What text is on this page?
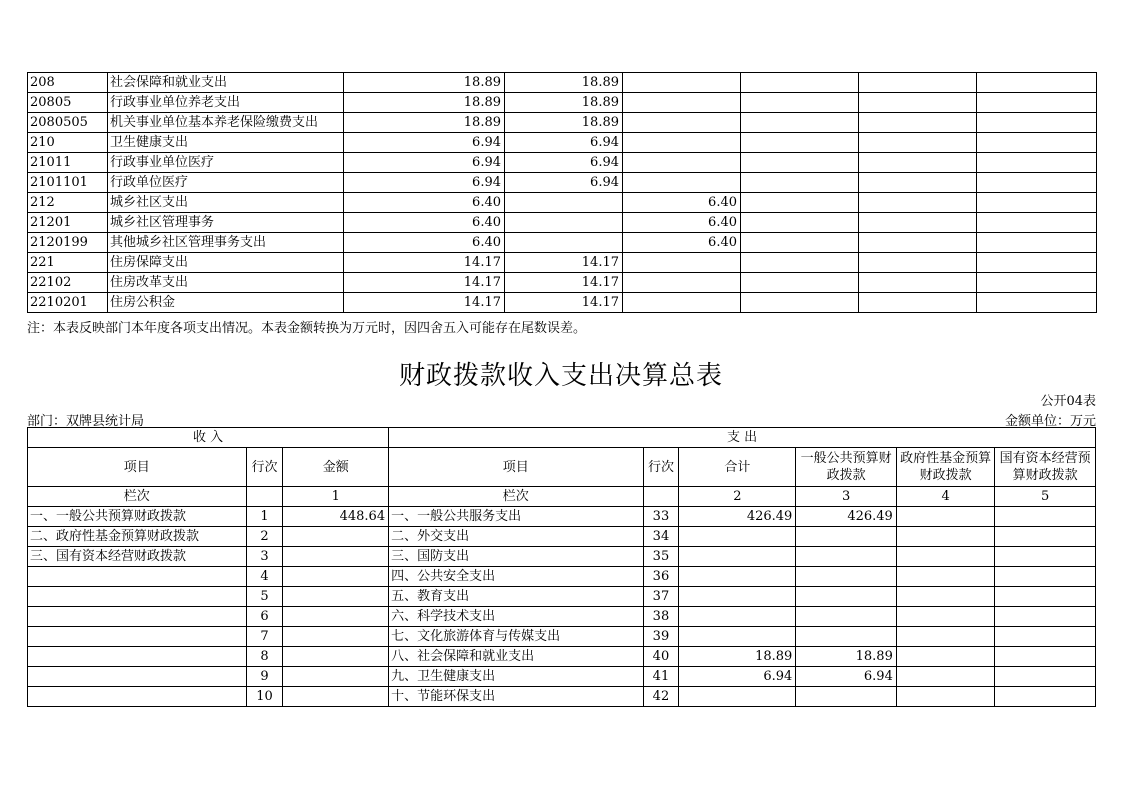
208	社会保障和就业支出	18.89	18.89				
20805	行政事业单位养老支出	18.89	18.89				
2080505	机关事业单位基本养老保险缴费支出	18.89	18.89				
210	卫生健康支出	6.94	6.94				
21011	行政事业单位医疗	6.94	6.94				
2101101	行政单位医疗	6.94	6.94				
212	城乡社区支出	6.40		6.40			
21201	城乡社区管理事务	6.40		6.40			
2120199	其他城乡社区管理事务支出	6.40		6.40			
221	住房保障支出	14.17	14.17				
22102	住房改革支出	14.17	14.17				
2210201	住房公积金	14.17	14.17				
注：本表反映部门本年度各项支出情况。本表金额转换为万元时，因四舍五入可能存在尾数误差。
财政拨款收入支出决算总表
公开04表
部门：双牌县统计局	金额单位：万元
收 入			支 出					
项目	行次	金额	项目	行次	合计	一般公共预算财政拨款	政府性基金预算财政拨款	国有资本经营预算财政拨款
栏次		1	栏次		2	3	4	5
一、一般公共预算财政拨款	1	448.64	一、一般公共服务支出	33	426.49	426.49		
二、政府性基金预算财政拨款	2		二、外交支出	34				
三、国有资本经营财政拨款	3		三、国防支出	35				
	4		四、公共安全支出	36				
	5		五、教育支出	37				
	6		六、科学技术支出	38				
	7		七、文化旅游体育与传媒支出	39				
	8		八、社会保障和就业支出	40	18.89	18.89		
	9		九、卫生健康支出	41	6.94	6.94		
	10		十、节能环保支出	42				
